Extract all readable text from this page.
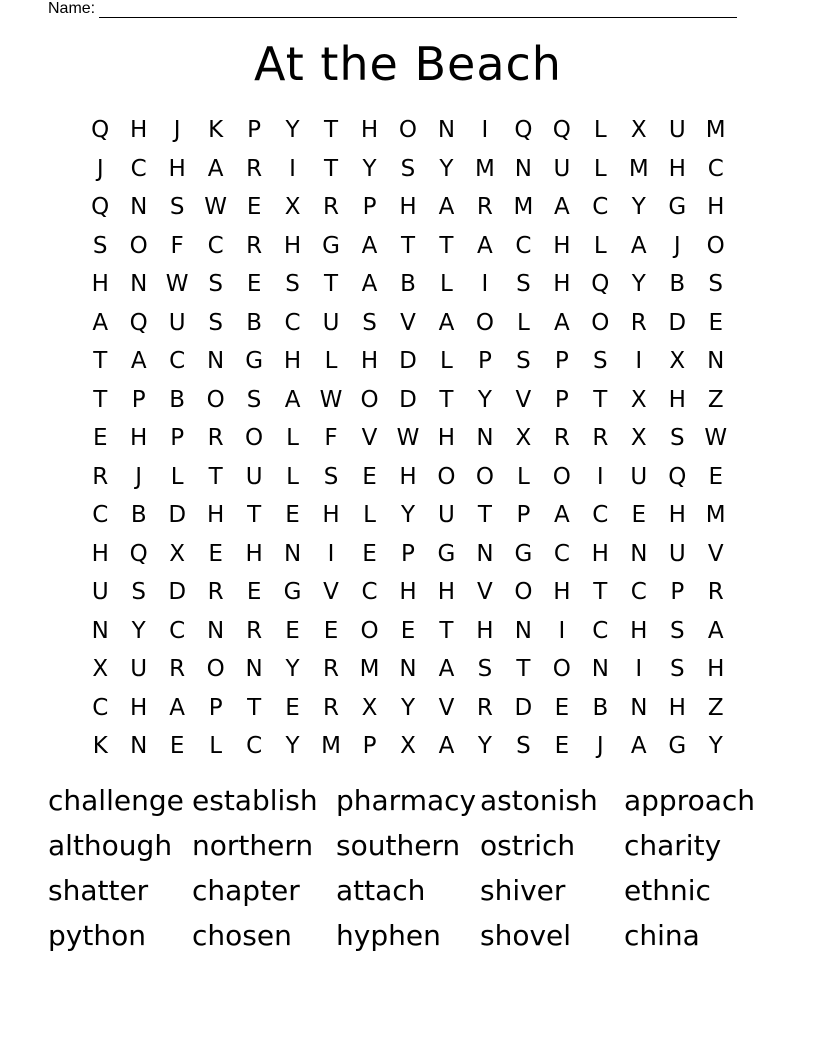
Name:
At the Beach
Q H	J	K	P	Y	T H O N	I	Q Q	L	X U M
J	C H A R	I	T	Y	S	Y M N U	L M H C
Q N S W E	X R	P H A R M A C	Y G H
S O F	C R H G A	T	T	A C H	L	A	J	O
H N W S	E	S	T	A B	L	I	S H Q Y	B	S
A Q U S	B C U S	V A O	L	A O R D E
T	A C N G H	L	H D	L	P	S	P	S	I	X N
T	P	B O S	A W O D T	Y	V	P	T	X H Z
E H P	R O	L	F	V W H N X R R X	S W
R	J	L	T	U	L	S	E H O O	L	O	I	U Q E
C B D H T	E H	L	Y	U	T	P	A C	E H M
H Q X	E H N	I	E	P G N G C H N U V
U S D R	E G V C H H V O H T	C	P	R
N Y	C N R	E	E O E	T H N	I	C H S	A
X U R O N Y	R M N A	S	T O N	I	S H
C H A	P	T	E	R X	Y	V R D E	B N H Z
K N E	L	C	Y M P	X A	Y	S	E	J	A G Y
challenge establish pharmacy astonish approach
although northern southern ostrich	charity
shatter	chapter	attach	shiver	ethnic
python	chosen	hyphen	shovel	china
